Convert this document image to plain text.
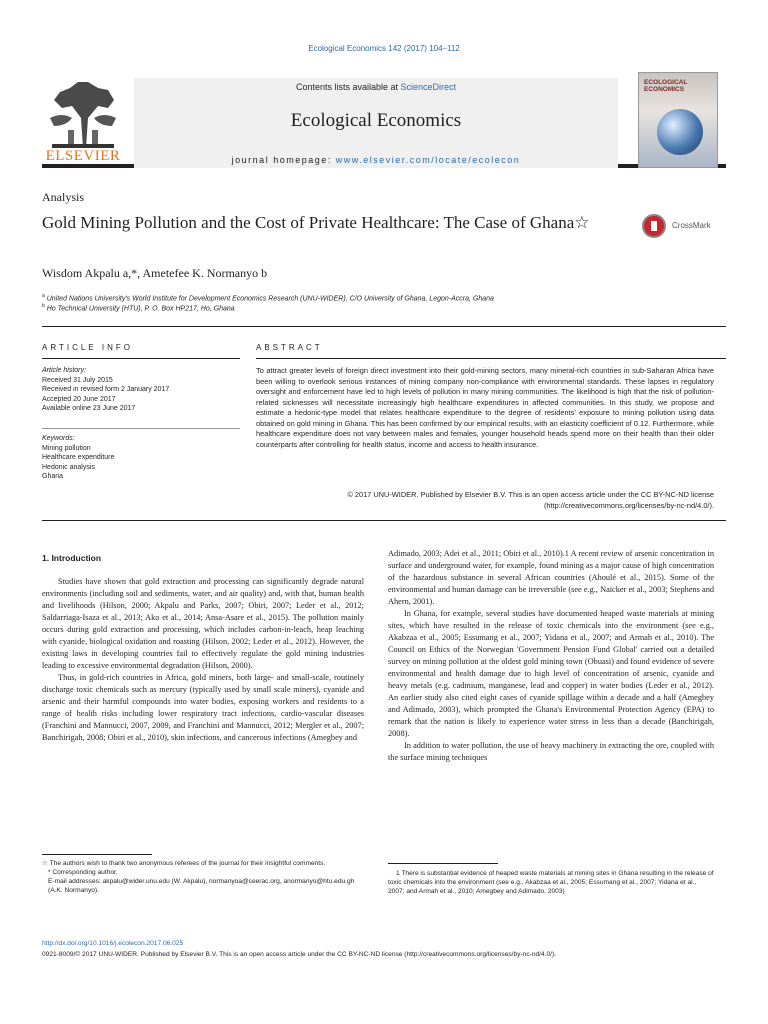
Ecological Economics 142 (2017) 104–112
ELSEVIER
Contents lists available at ScienceDirect
Ecological Economics
journal homepage: www.elsevier.com/locate/ecolecon
ECOLOGICAL ECONOMICS
Analysis
Gold Mining Pollution and the Cost of Private Healthcare: The Case of Ghana☆	CrossMark
Wisdom Akpalu a,*, Ametefee K. Normanyo b
$^a$ United Nations University's World Institute for Development Economics Research (UNU-WIDER), C/O University of Ghana, Legon-Accra, Ghana
$^b$ Ho Technical University (HTU), P. O. Box HP217, Ho, Ghana
ARTICLE INFO
Article history:
Received 31 July 2015
Received in revised form 2 January 2017
Accepted 20 June 2017
Available online 23 June 2017
Keywords:
Mining pollution
Healthcare expenditure
Hedonic analysis
Ghana
ABSTRACT
To attract greater levels of foreign direct investment into their gold-mining sectors, many mineral-rich countries in sub-Saharan Africa have been willing to overlook serious instances of mining company non-compliance with environmental standards. These lapses in regulatory oversight and enforcement have led to high levels of pollution in many mining communities. The likelihood is high that the risk of pollution-related sicknesses will necessitate increasingly high healthcare expenditures in affected communities. In this study, we propose and estimate a hedonic-type model that relates healthcare expenditure to the degree of residents' exposure to mining pollution using data obtained on gold mining in Ghana. This has been confirmed by our empirical results, with an elasticity coefficient of 0.12. Furthermore, while healthcare expenditure does not vary between males and females, younger household heads spend more on their health than their older counterparts after controlling for health status, income and access to health insurance.
© 2017 UNU-WIDER. Published by Elsevier B.V. This is an open access article under the CC BY-NC-ND license (http://creativecommons.org/licenses/by-nc-nd/4.0/).
1. Introduction

Studies have shown that gold extraction and processing can significantly degrade natural environments (including soil and sediments, water, and air quality) and, with that, human health and livelihoods (Hilson, 2000; Akpalu and Parks, 2007; Obiri, 2007; Leder et al., 2012; Saldarriaga-Isaza et al., 2013; Ako et al., 2014; Ansa-Asare et al., 2015). The pollution mainly occurs during gold extraction and processing, which includes carbon-in-leach, heap leaching with cyanide, biological oxidation and roasting (Hilson, 2002; Leder et al., 2012). However, the existing laws in developing countries fail to effectively regulate the gold mining industries leading to excessive environmental degradation (Hilson, 2000).

Thus, in gold-rich countries in Africa, gold miners, both large- and small-scale, routinely discharge toxic chemicals such as mercury (typically used by small scale miners), cyanide and arsenic and their harmful compounds into water bodies, exposing workers and residents to a range of health risks including lower respiratory tract infections, cardio-vascular diseases (Franchini and Mannucci, 2007, 2009, and Franchini and Mannucci, 2012; Mergler et al., 2007; Banchirigah, 2008; Obiri et al., 2010), skin infections, and cancerous infections (Amegbey and

Adimado, 2003; Adei et al., 2011; Obiri et al., 2010).1 A recent review of arsenic concentration in surface and underground water, for example, found mining as a major cause of high concentration of the hazardous substance in several African countries (Ahoulé et al., 2015). Some of the environmental and human damage can be irreversible (see e.g., Naicker et al., 2003; Stephens and Ahern, 2001).

In Ghana, for example, several studies have documented heaped waste materials at mining sites, which have resulted in the release of toxic chemicals into the environment (see e.g., Akabzaa et al., 2005; Essumang et al., 2007; Yidana et al., 2007; and Armah et al., 2010). The Council on Ethics of the Norwegian 'Government Pension Fund Global' carried out a detailed survey on mining pollution at the oldest gold mining town (Obuasi) and found evidence of severe environmental and health damage due to high level of concentration of arsenic, cyanide and heavy metals (e.g. cadmium, manganese, lead and copper) in water bodies (Leder et al., 2012). An earlier study also cited eight cases of cyanide spillage within a decade and a half (Amegbey and Adimado, 2003), which prompted the Ghana's Environmental Protection Agency (EPA) to remark that the nation is likely to experience water stress in less than a decade (Banchirigah, 2008).

In addition to water pollution, the use of heavy machinery in extracting the ore, coupled with the surface mining techniques

☆ The authors wish to thank two anonymous referees of the journal for their insightful comments.
* Corresponding author.
E-mail addresses: akpalu@wider.unu.edu (W. Akpalu), normanyoa@ceerac.org, anormanyo@htu.edu.gh (A.K. Normanyo).
1 There is substantial evidence of heaped waste materials at mining sites in Ghana resulting in the release of toxic chemicals into the environment (see e.g., Akabzaa et al., 2005; Essumang et al., 2007; Yidana et al., 2007; and Armah et al., 2010; Amegbey and Adimado, 2003)
http://dx.doi.org/10.1016/j.ecolecon.2017.06.025
0921-8009/© 2017 UNU-WIDER. Published by Elsevier B.V. This is an open access article under the CC BY-NC-ND license (http://creativecommons.org/licenses/by-nc-nd/4.0/).
